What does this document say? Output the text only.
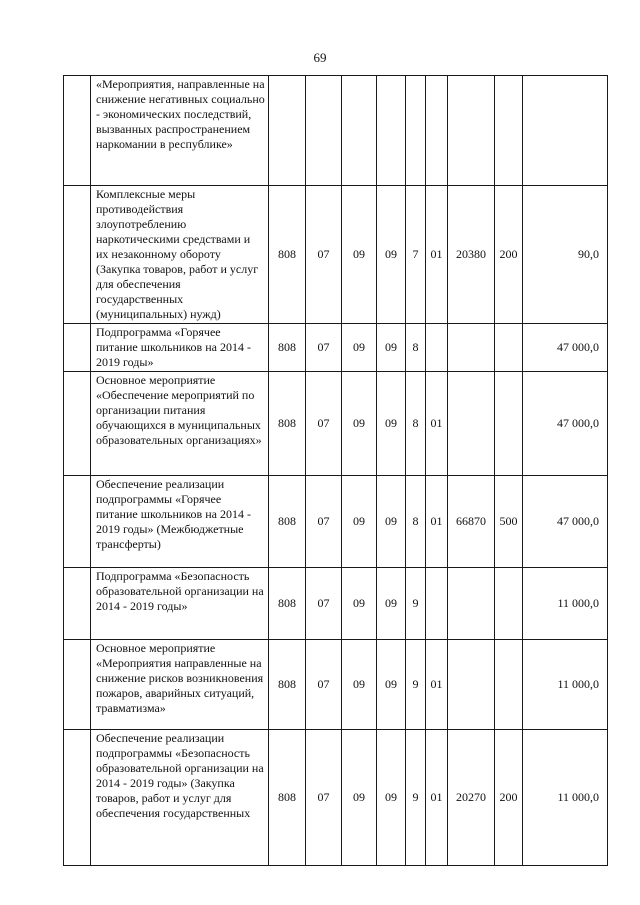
69
	«Мероприятия, направленные на снижение негативных социально - экономических последствий, вызванных распространением наркомании в республике»									
	Комплексные меры противодействия злоупотреблению наркотическими средствами и их незаконному обороту (Закупка товаров, работ и услуг для обеспечения государственных (муниципальных) нужд)	808	07	09	09	7	01	20380	200	90,0
	Подпрограмма «Горячее питание школьников на 2014 - 2019 годы»	808	07	09	09	8				47 000,0
	Основное мероприятие «Обеспечение мероприятий по организации питания обучающихся в муниципальных образовательных организациях»	808	07	09	09	8	01			47 000,0
	Обеспечение реализации подпрограммы «Горячее питание школьников на 2014 - 2019 годы» (Межбюджетные трансферты)	808	07	09	09	8	01	66870	500	47 000,0
	Подпрограмма «Безопасность образовательной организации на 2014 - 2019 годы»	808	07	09	09	9				11 000,0
	Основное мероприятие «Мероприятия направленные на снижение рисков возникновения пожаров, аварийных ситуаций, травматизма»	808	07	09	09	9	01			11 000,0
	Обеспечение реализации подпрограммы «Безопасность образовательной организации на 2014 - 2019 годы» (Закупка товаров, работ и услуг для обеспечения государственных	808	07	09	09	9	01	20270	200	11 000,0
